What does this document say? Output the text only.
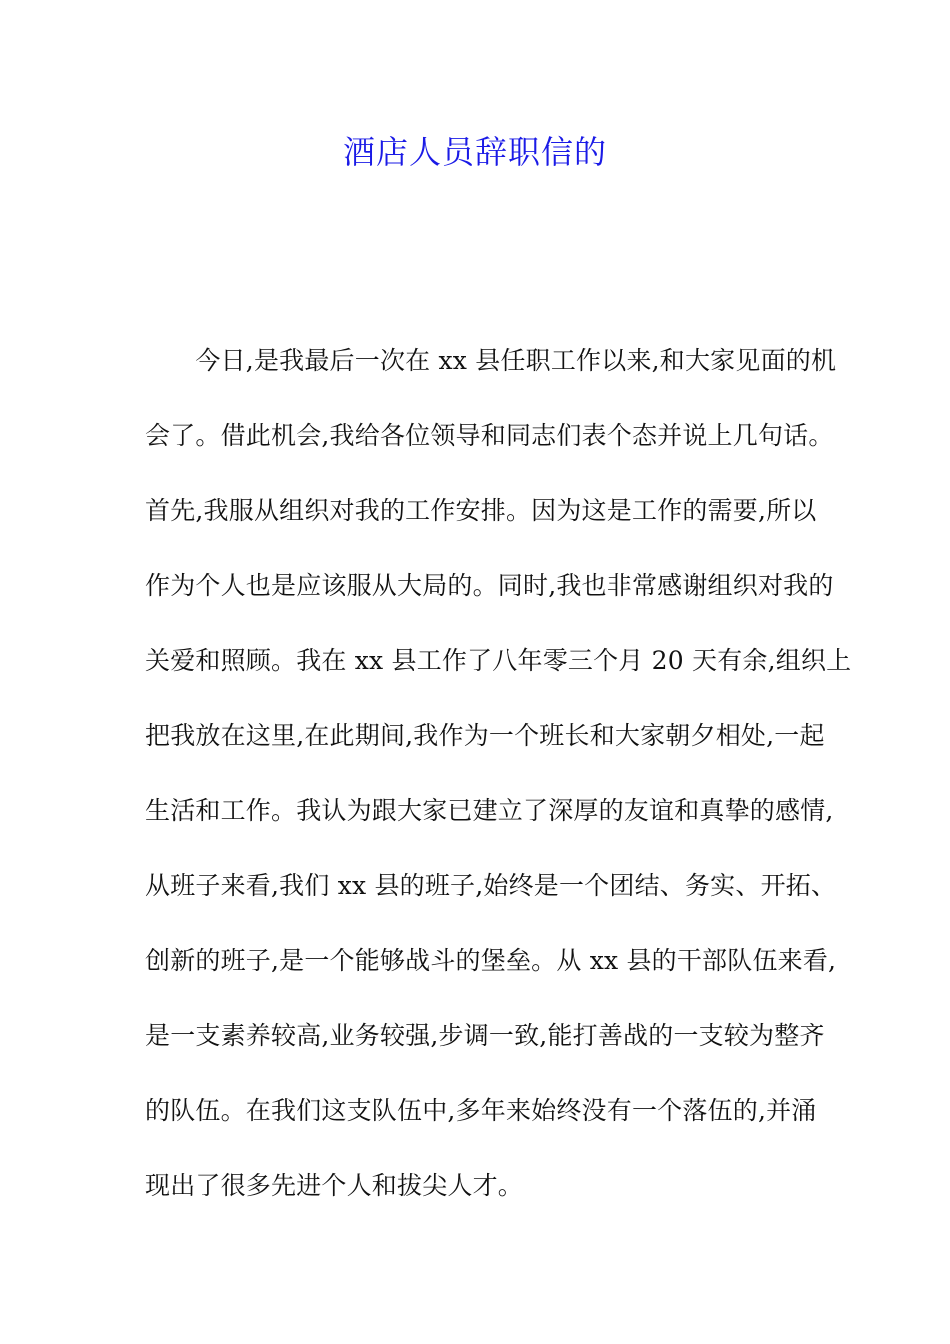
酒店人员辞职信的
　　今日,是我最后一次在 xx 县任职工作以来,和大家见面的机
会了。借此机会,我给各位领导和同志们表个态并说上几句话。
首先,我服从组织对我的工作安排。因为这是工作的需要,所以
作为个人也是应该服从大局的。同时,我也非常感谢组织对我的
关爱和照顾。我在 xx 县工作了八年零三个月 20 天有余,组织上
把我放在这里,在此期间,我作为一个班长和大家朝夕相处,一起
生活和工作。我认为跟大家已建立了深厚的友谊和真挚的感情,
从班子来看,我们 xx 县的班子,始终是一个团结、务实、开拓、
创新的班子,是一个能够战斗的堡垒。从 xx 县的干部队伍来看,
是一支素养较高,业务较强,步调一致,能打善战的一支较为整齐
的队伍。在我们这支队伍中,多年来始终没有一个落伍的,并涌
现出了很多先进个人和拔尖人才。
